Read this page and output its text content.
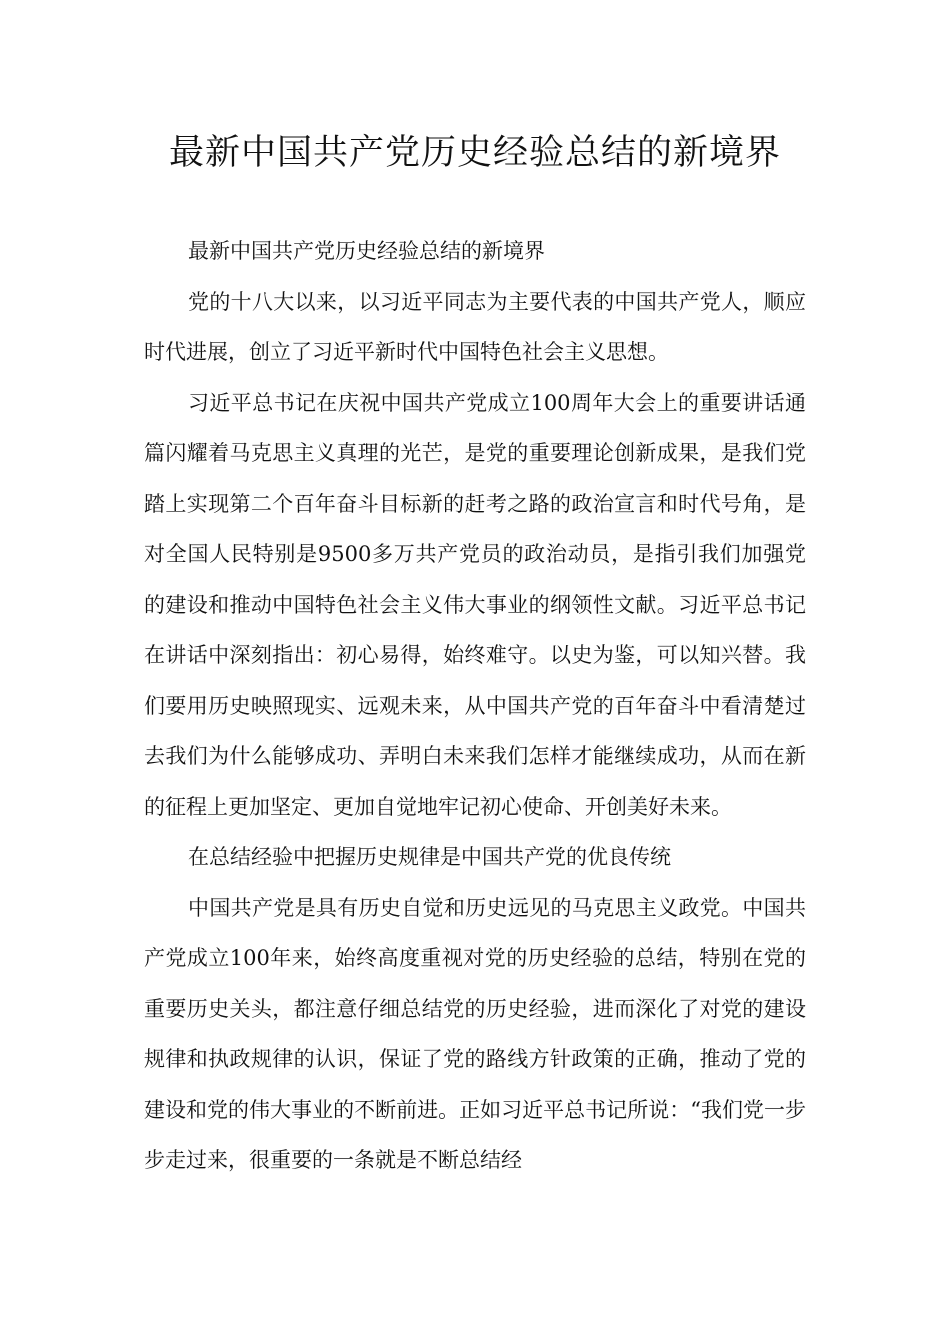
最新中国共产党历史经验总结的新境界

最新中国共产党历史经验总结的新境界

党的十八大以来，以习近平同志为主要代表的中国共产党人，顺应时代进展，创立了习近平新时代中国特色社会主义思想。

习近平总书记在庆祝中国共产党成立100周年大会上的重要讲话通篇闪耀着马克思主义真理的光芒，是党的重要理论创新成果，是我们党踏上实现第二个百年奋斗目标新的赶考之路的政治宣言和时代号角，是对全国人民特别是9500多万共产党员的政治动员，是指引我们加强党的建设和推动中国特色社会主义伟大事业的纲领性文献。习近平总书记在讲话中深刻指出：初心易得，始终难守。以史为鉴，可以知兴替。我们要用历史映照现实、远观未来，从中国共产党的百年奋斗中看清楚过去我们为什么能够成功、弄明白未来我们怎样才能继续成功，从而在新的征程上更加坚定、更加自觉地牢记初心使命、开创美好未来。

在总结经验中把握历史规律是中国共产党的优良传统

中国共产党是具有历史自觉和历史远见的马克思主义政党。中国共产党成立100年来，始终高度重视对党的历史经验的总结，特别在党的重要历史关头，都注意仔细总结党的历史经验，进而深化了对党的建设规律和执政规律的认识，保证了党的路线方针政策的正确，推动了党的建设和党的伟大事业的不断前进。正如习近平总书记所说：“我们党一步步走过来，很重要的一条就是不断总结经
